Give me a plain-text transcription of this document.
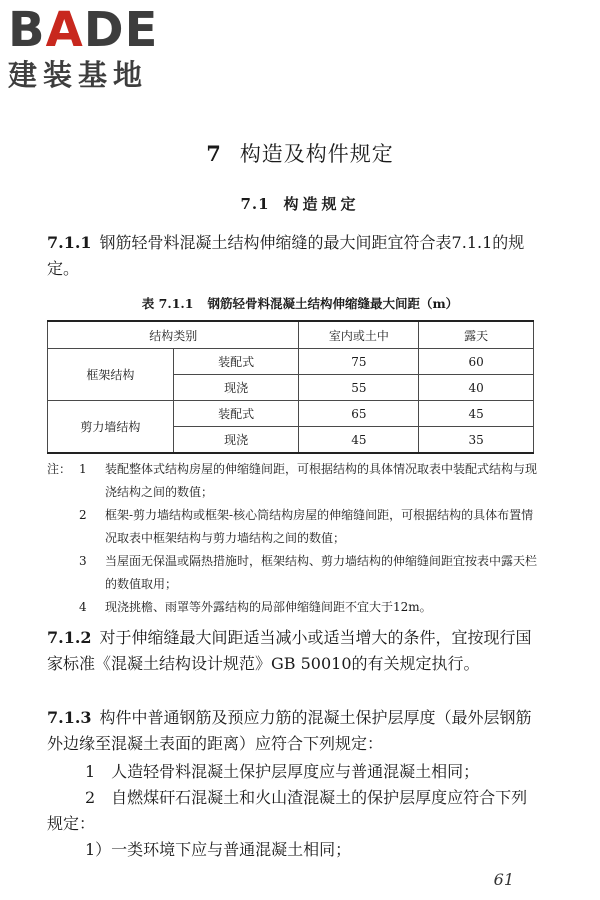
BADE
建装基地
7 构造及构件规定
7.1 构造规定
7.1.1 钢筋轻骨料混凝土结构伸缩缝的最大间距宜符合表7.1.1的规定。
表 7.1.1 钢筋轻骨料混凝土结构伸缩缝最大间距（m）
结构类别		室内或土中	露天
框架结构	装配式	75	60
	现浇	55	40
剪力墙结构	装配式	65	45
	现浇	45	35
注： 1	装配整体式结构房屋的伸缩缝间距，可根据结构的具体情况取表中装配式结构与现浇结构之间的数值；
2	框架-剪力墙结构或框架-核心筒结构房屋的伸缩缝间距，可根据结构的具体布置情况取表中框架结构与剪力墙结构之间的数值；
3	当屋面无保温或隔热措施时，框架结构、剪力墙结构的伸缩缝间距宜按表中露天栏的数值取用；
4	现浇挑檐、雨罩等外露结构的局部伸缩缝间距不宜大于12m。
7.1.2 对于伸缩缝最大间距适当减小或适当增大的条件，宜按现行国家标准《混凝土结构设计规范》GB 50010的有关规定执行。
7.1.3 构件中普通钢筋及预应力筋的混凝土保护层厚度（最外层钢筋外边缘至混凝土表面的距离）应符合下列规定：
1　人造轻骨料混凝土保护层厚度应与普通混凝土相同；
2　自燃煤矸石混凝土和火山渣混凝土的保护层厚度应符合下列规定：
1）一类环境下应与普通混凝土相同；
61
